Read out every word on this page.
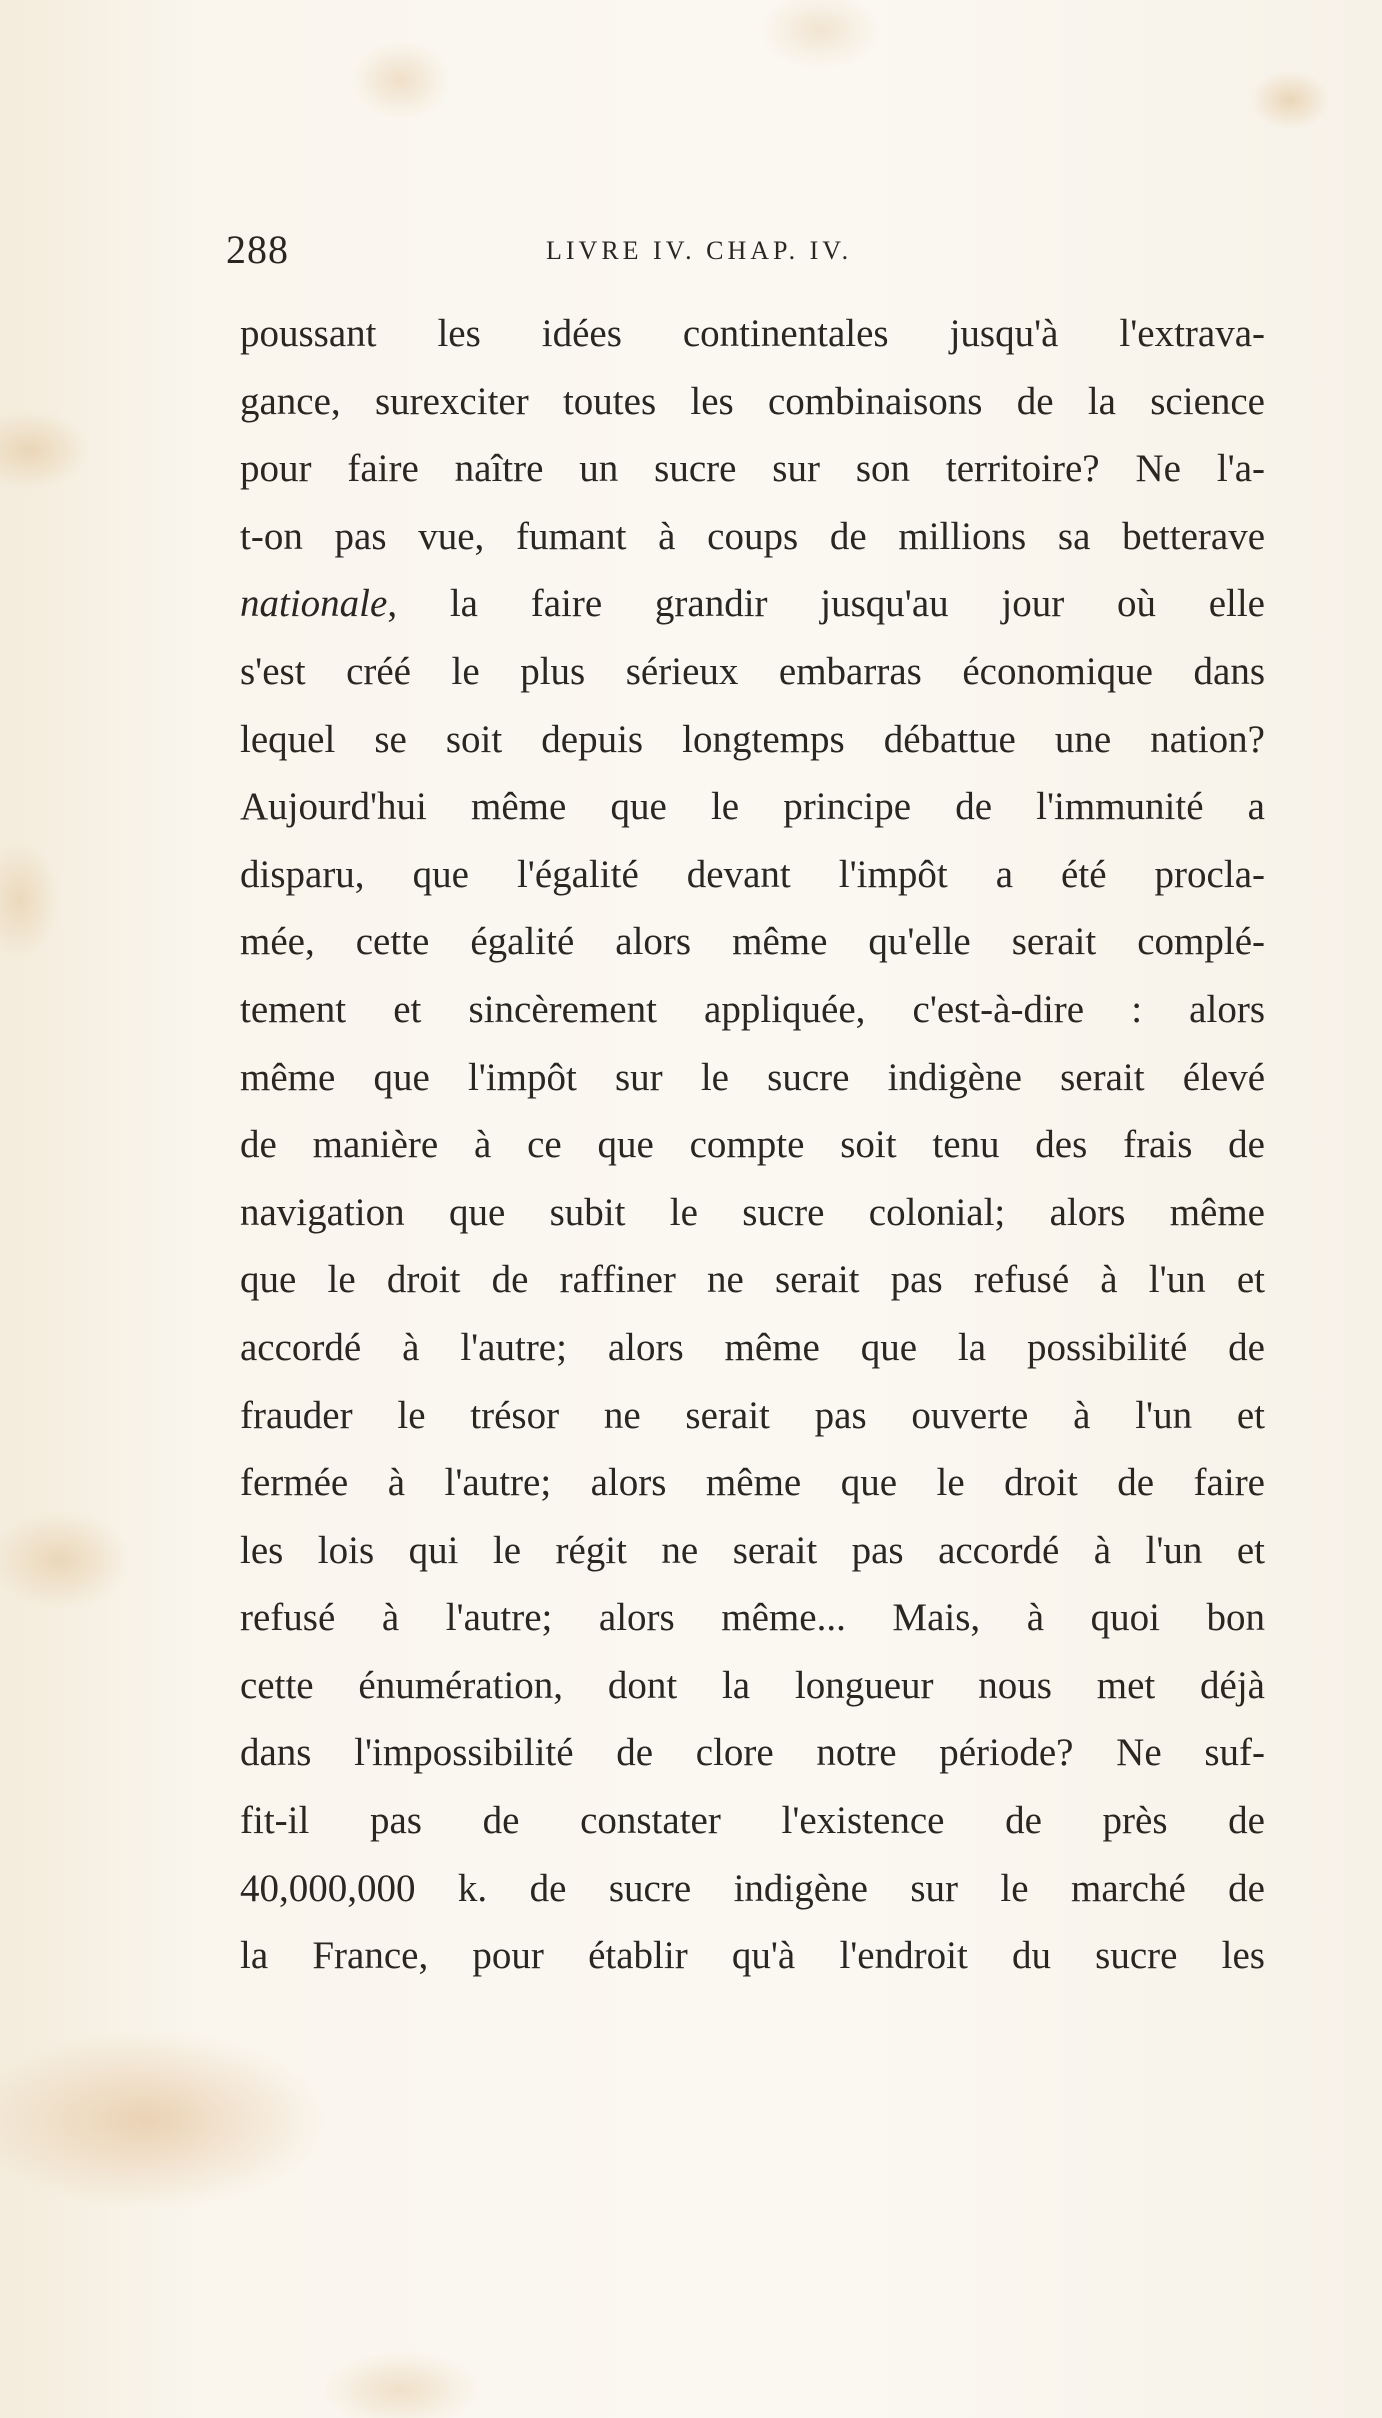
288	LIVRE IV. CHAP. IV.
poussant les idées continentales jusqu'à l'extrava-
gance, surexciter toutes les combinaisons de la science
pour faire naître un sucre sur son territoire? Ne l'a-
t-on pas vue, fumant à coups de millions sa betterave
nationale, la faire grandir jusqu'au jour où elle
s'est créé le plus sérieux embarras économique dans
lequel se soit depuis longtemps débattue une nation?
Aujourd'hui même que le principe de l'immunité a
disparu, que l'égalité devant l'impôt a été procla-
mée, cette égalité alors même qu'elle serait complé-
tement et sincèrement appliquée, c'est-à-dire : alors
même que l'impôt sur le sucre indigène serait élevé
de manière à ce que compte soit tenu des frais de
navigation que subit le sucre colonial; alors même
que le droit de raffiner ne serait pas refusé à l'un et
accordé à l'autre; alors même que la possibilité de
frauder le trésor ne serait pas ouverte à l'un et
fermée à l'autre; alors même que le droit de faire
les lois qui le régit ne serait pas accordé à l'un et
refusé à l'autre; alors même... Mais, à quoi bon
cette énumération, dont la longueur nous met déjà
dans l'impossibilité de clore notre période? Ne suf-
fit-il pas de constater l'existence de près de
40,000,000 k. de sucre indigène sur le marché de
la France, pour établir qu'à l'endroit du sucre les
